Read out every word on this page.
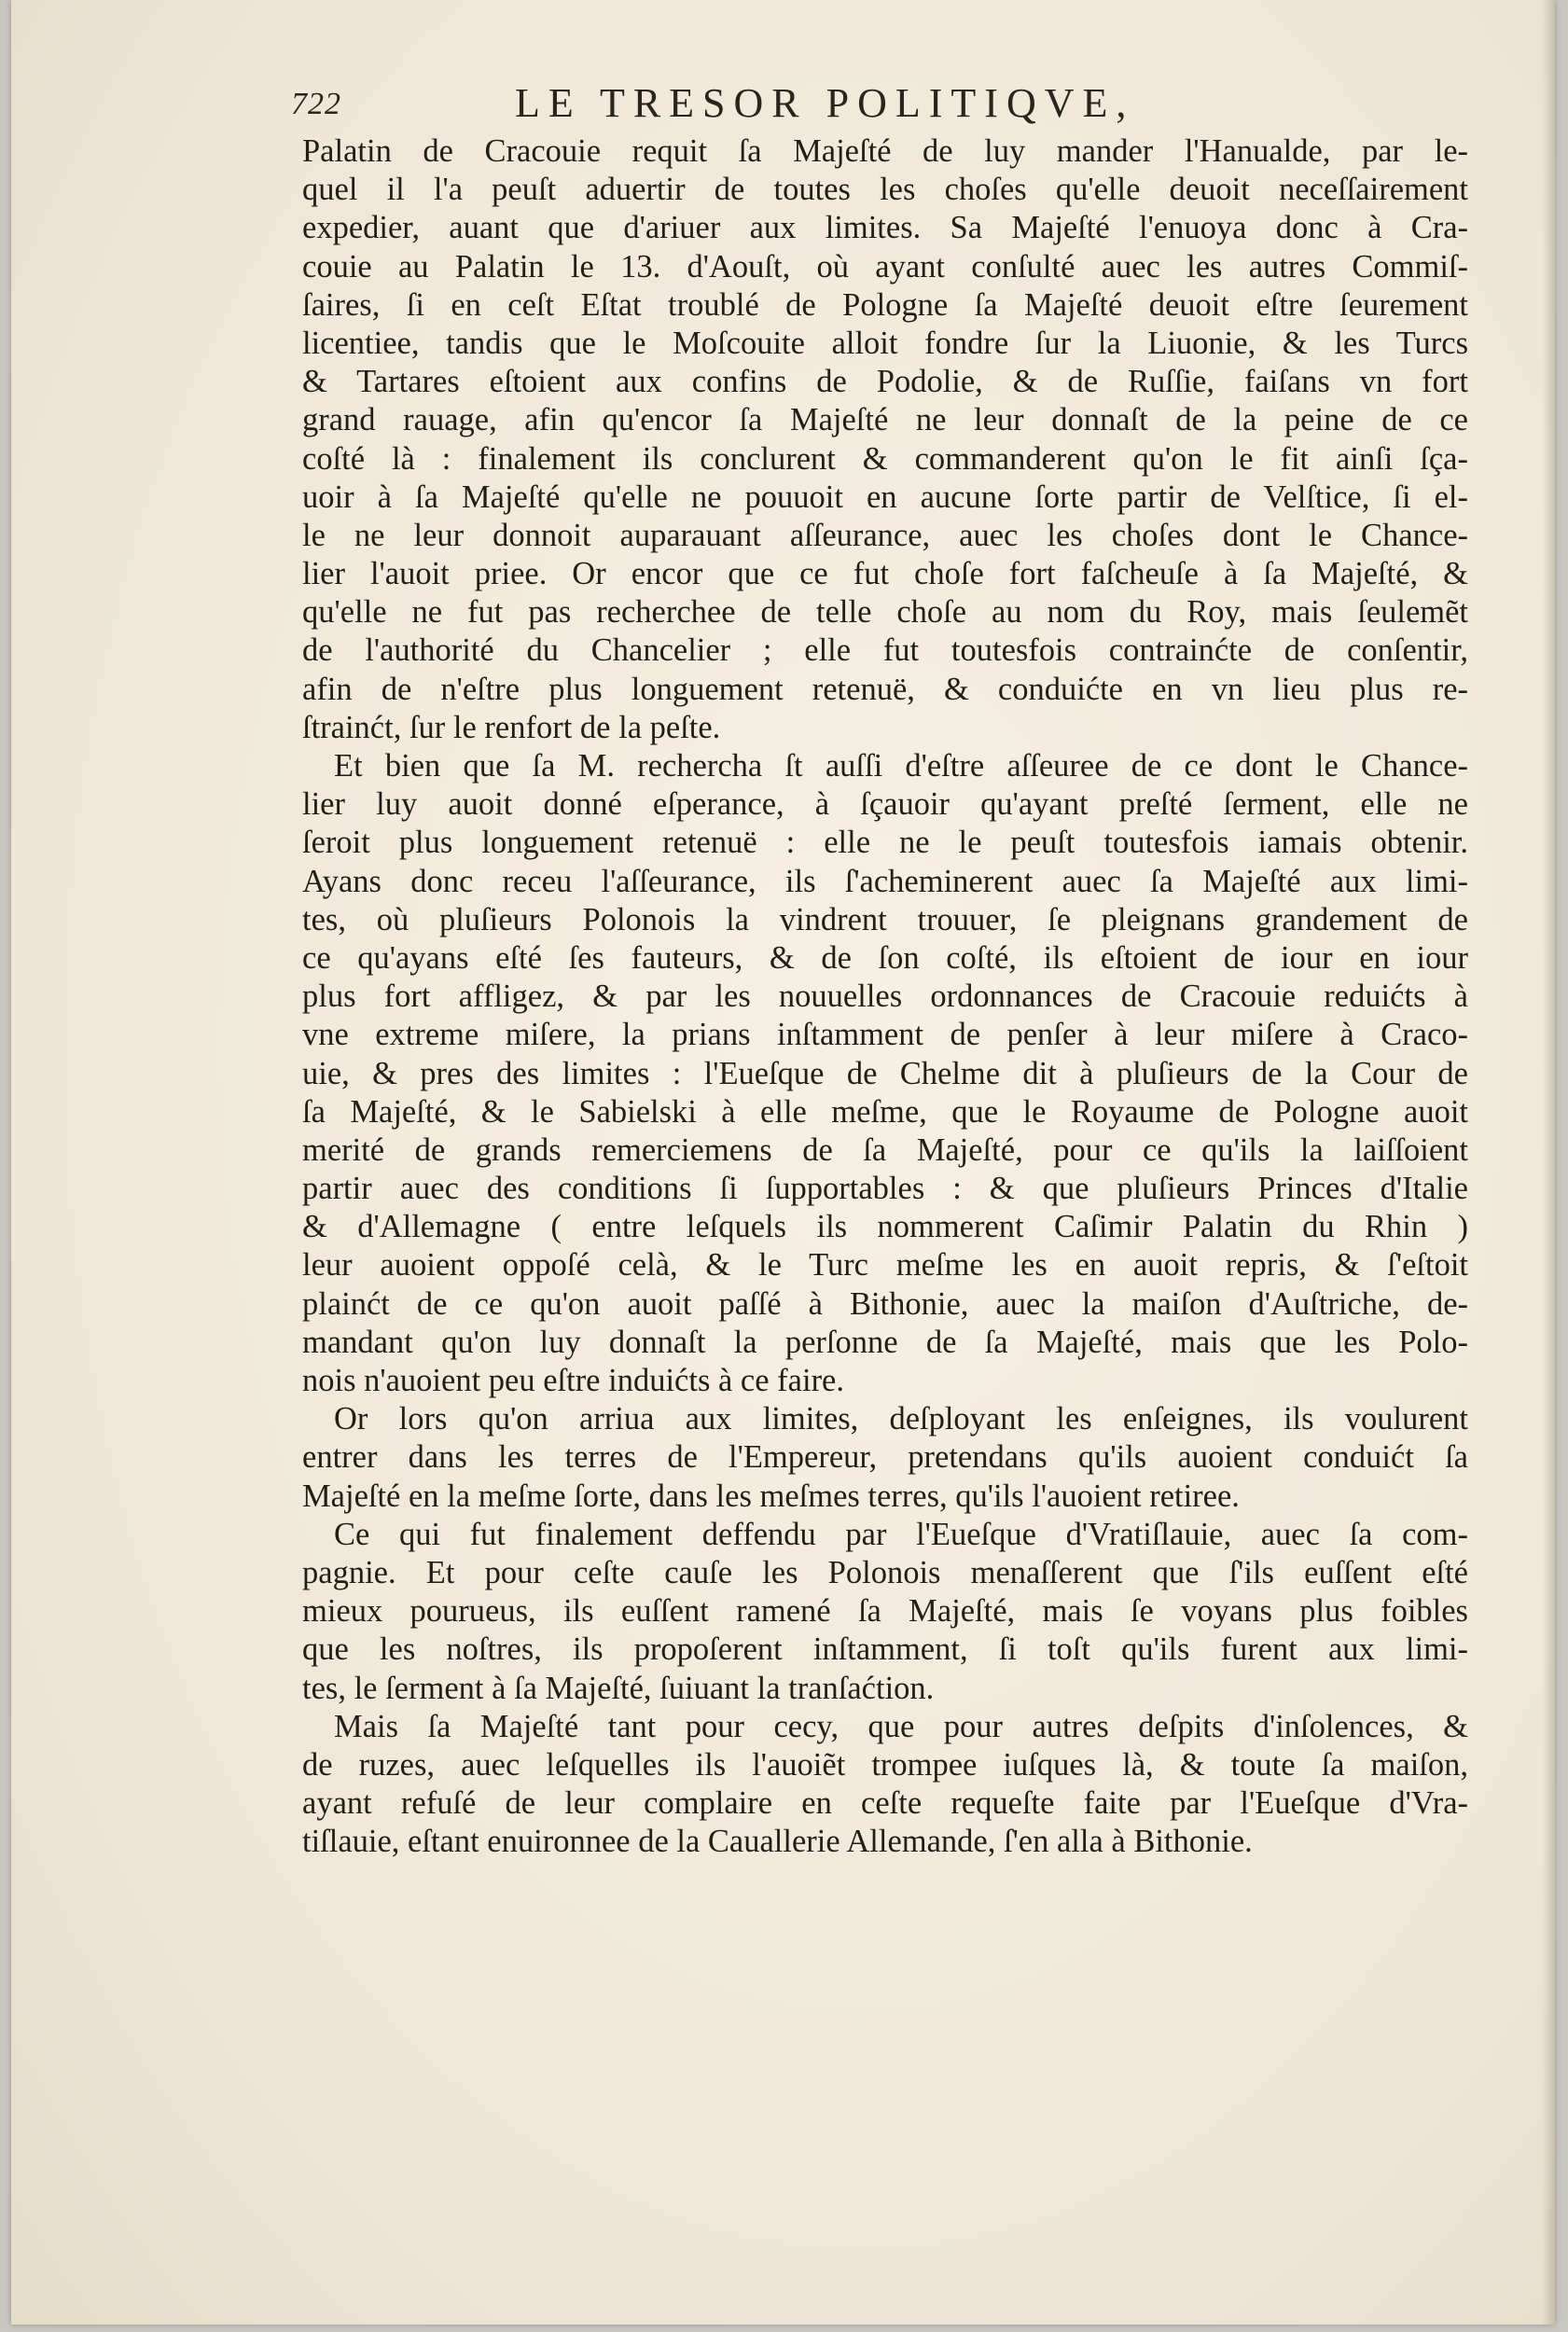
722	LE TRESOR POLITIQVE,
Palatin de Cracouie requit ſa Majeſté de luy mander l'Hanualde, par le-
quel il l'a peuſt aduertir de toutes les choſes qu'elle deuoit neceſſairement
expedier, auant que d'ariuer aux limites. Sa Majeſté l'enuoya donc à Cra-
couie au Palatin le 13. d'Aouſt, où ayant conſulté auec les autres Commiſ-
ſaires, ſi en ceſt Eſtat troublé de Pologne ſa Majeſté deuoit eſtre ſeurement
licentiee, tandis que le Moſcouite alloit fondre ſur la Liuonie, & les Turcs
& Tartares eſtoient aux confins de Podolie, & de Ruſſie, faiſans vn fort
grand rauage, afin qu'encor ſa Majeſté ne leur donnaſt de la peine de ce
coſté là : finalement ils conclurent & commanderent qu'on le fit ainſi ſça-
uoir à ſa Majeſté qu'elle ne pouuoit en aucune ſorte partir de Velſtice, ſi el-
le ne leur donnoit auparauant aſſeurance, auec les choſes dont le Chance-
lier l'auoit priee. Or encor que ce fut choſe fort faſcheuſe à ſa Majeſté, &
qu'elle ne fut pas recherchee de telle choſe au nom du Roy, mais ſeulemẽt
de l'authorité du Chancelier ; elle fut toutesfois contrainćte de conſentir,
afin de n'eſtre plus longuement retenuë, & conduićte en vn lieu plus re-
ſtrainćt, ſur le renfort de la peſte.
Et bien que ſa M. rechercha ſt auſſi d'eſtre aſſeuree de ce dont le Chance-
lier luy auoit donné eſperance, à ſçauoir qu'ayant preſté ſerment, elle ne
ſeroit plus longuement retenuë : elle ne le peuſt toutesfois iamais obtenir.
Ayans donc receu l'aſſeurance, ils ſ'acheminerent auec ſa Majeſté aux limi-
tes, où pluſieurs Polonois la vindrent trouuer, ſe pleignans grandement de
ce qu'ayans eſté ſes fauteurs, & de ſon coſté, ils eſtoient de iour en iour
plus fort affligez, & par les nouuelles ordonnances de Cracouie reduićts à
vne extreme miſere, la prians inſtamment de penſer à leur miſere à Craco-
uie, & pres des limites : l'Eueſque de Chelme dit à pluſieurs de la Cour de
ſa Majeſté, & le Sabielski à elle meſme, que le Royaume de Pologne auoit
merité de grands remerciemens de ſa Majeſté, pour ce qu'ils la laiſſoient
partir auec des conditions ſi ſupportables : & que pluſieurs Princes d'Italie
& d'Allemagne ( entre leſquels ils nommerent Caſimir Palatin du Rhin )
leur auoient oppoſé celà, & le Turc meſme les en auoit repris, & ſ'eſtoit
plainćt de ce qu'on auoit paſſé à Bithonie, auec la maiſon d'Auſtriche, de-
mandant qu'on luy donnaſt la perſonne de ſa Majeſté, mais que les Polo-
nois n'auoient peu eſtre induićts à ce faire.
Or lors qu'on arriua aux limites, deſployant les enſeignes, ils voulurent
entrer dans les terres de l'Empereur, pretendans qu'ils auoient conduićt ſa
Majeſté en la meſme ſorte, dans les meſmes terres, qu'ils l'auoient retiree.
Ce qui fut finalement deffendu par l'Eueſque d'Vratiſlauie, auec ſa com-
pagnie. Et pour ceſte cauſe les Polonois menaſſerent que ſ'ils euſſent eſté
mieux pourueus, ils euſſent ramené ſa Majeſté, mais ſe voyans plus foibles
que les noſtres, ils propoſerent inſtamment, ſi toſt qu'ils furent aux limi-
tes, le ſerment à ſa Majeſté, ſuiuant la tranſaćtion.
Mais ſa Majeſté tant pour cecy, que pour autres deſpits d'inſolences, &
de ruzes, auec leſquelles ils l'auoiẽt trompee iuſques là, & toute ſa maiſon,
ayant refuſé de leur complaire en ceſte requeſte faite par l'Eueſque d'Vra-
tiſlauie, eſtant enuironnee de la Cauallerie Allemande, ſ'en alla à Bithonie.
